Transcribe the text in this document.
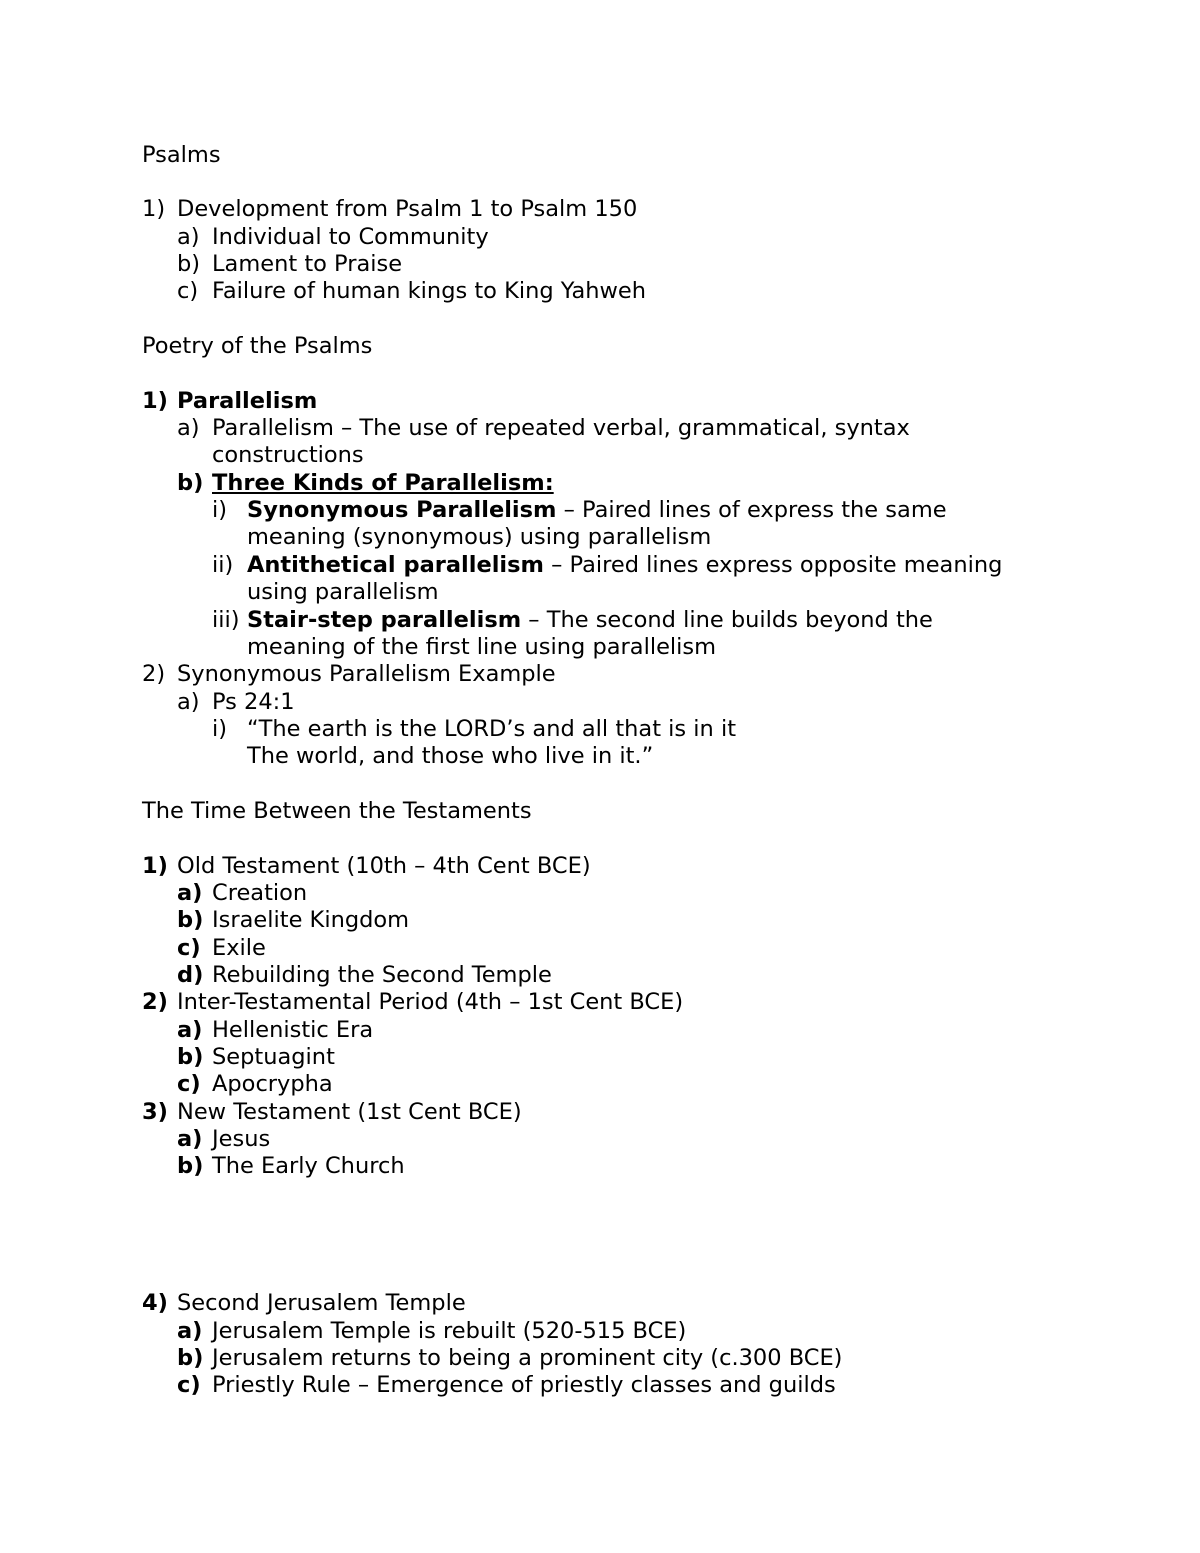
Psalms
1) Development from Psalm 1 to Psalm 150
a) Individual to Community
b) Lament to Praise
c) Failure of human kings to King Yahweh
Poetry of the Psalms
1) Parallelism
a) Parallelism – The use of repeated verbal, grammatical, syntax
constructions
b) Three Kinds of Parallelism:
i) Synonymous Parallelism – Paired lines of express the same
meaning (synonymous) using parallelism
ii) Antithetical parallelism – Paired lines express opposite meaning
using parallelism
iii) Stair-step parallelism – The second line builds beyond the
meaning of the first line using parallelism
2) Synonymous Parallelism Example
a) Ps 24:1
i) “The earth is the LORD’s and all that is in it
The world, and those who live in it.”
The Time Between the Testaments
1) Old Testament (10th – 4th Cent BCE)
a) Creation
b) Israelite Kingdom
c) Exile
d) Rebuilding the Second Temple
2) Inter-Testamental Period (4th – 1st Cent BCE)
a) Hellenistic Era
b) Septuagint
c) Apocrypha
3) New Testament (1st Cent BCE)
a) Jesus
b) The Early Church
4) Second Jerusalem Temple
a) Jerusalem Temple is rebuilt (520-515 BCE)
b) Jerusalem returns to being a prominent city (c.300 BCE)
c) Priestly Rule – Emergence of priestly classes and guilds
